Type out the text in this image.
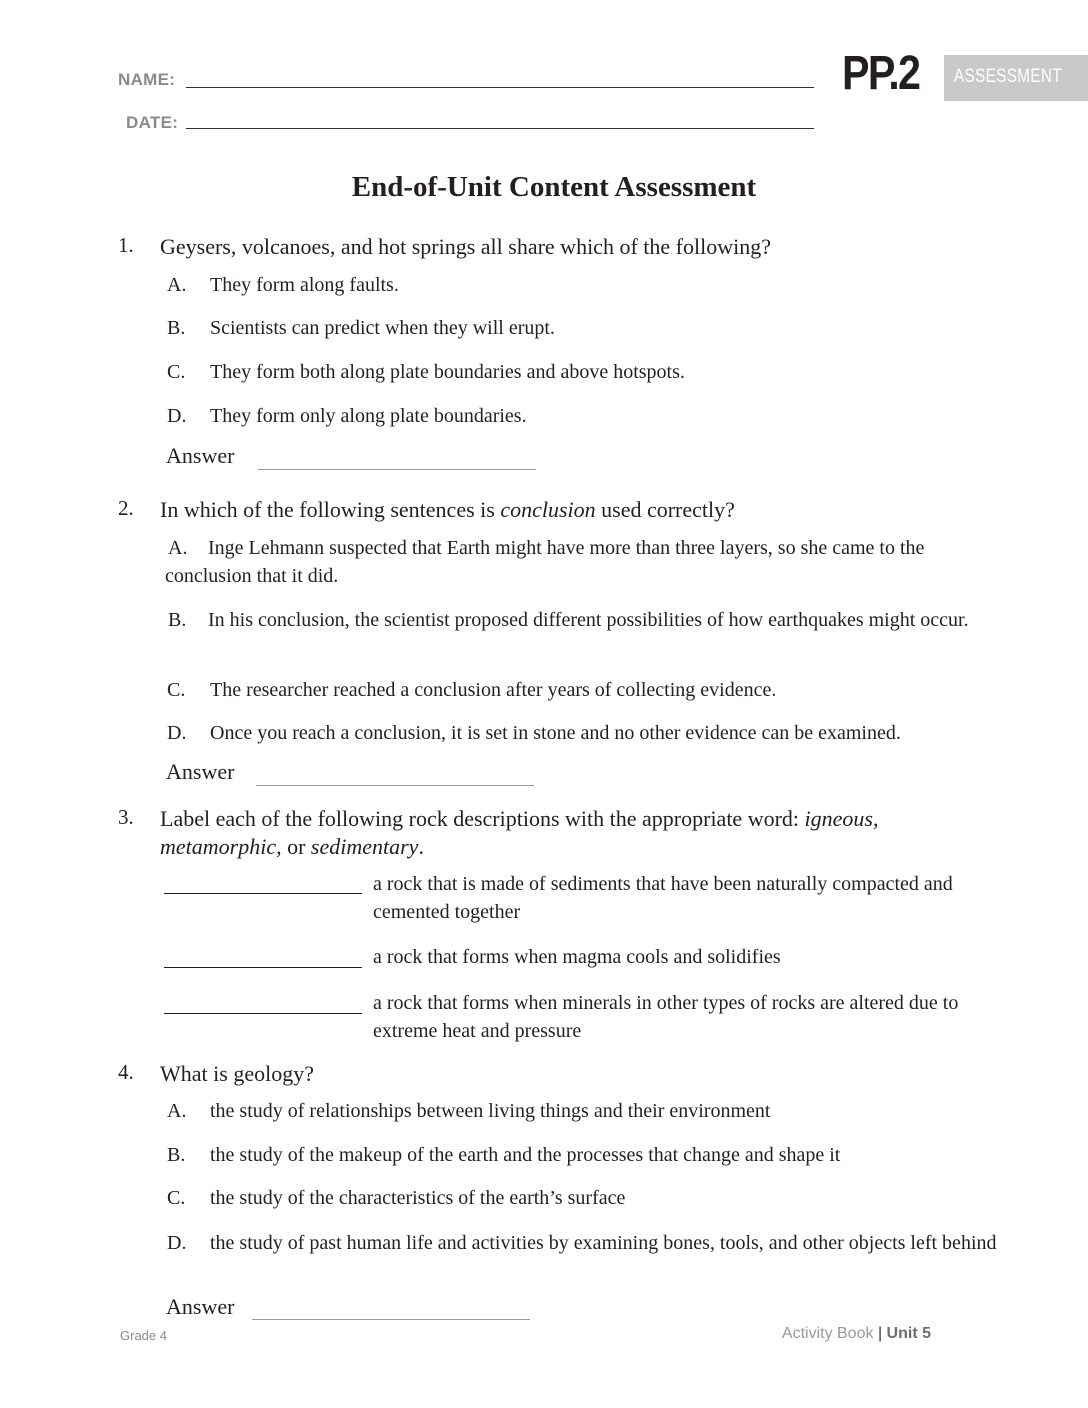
NAME:
DATE:
PP.2 ASSESSMENT
End-of-Unit Content Assessment
1. Geysers, volcanoes, and hot springs all share which of the following?
A. They form along faults.
B. Scientists can predict when they will erupt.
C. They form both along plate boundaries and above hotspots.
D. They form only along plate boundaries.
Answer
2. In which of the following sentences is conclusion used correctly?
A. Inge Lehmann suspected that Earth might have more than three layers, so she came to the conclusion that it did.
B. In his conclusion, the scientist proposed different possibilities of how earthquakes might occur.
C. The researcher reached a conclusion after years of collecting evidence.
D. Once you reach a conclusion, it is set in stone and no other evidence can be examined.
Answer
3. Label each of the following rock descriptions with the appropriate word: igneous,
metamorphic, or sedimentary.
a rock that is made of sediments that have been naturally compacted and cemented together
a rock that forms when magma cools and solidifies
a rock that forms when minerals in other types of rocks are altered due to extreme heat and pressure
4. What is geology?
A. the study of relationships between living things and their environment
B. the study of the makeup of the earth and the processes that change and shape it
C. the study of the characteristics of the earth’s surface
D. the study of past human life and activities by examining bones, tools, and other objects left behind
Answer
Grade 4	Activity Book | Unit 5
